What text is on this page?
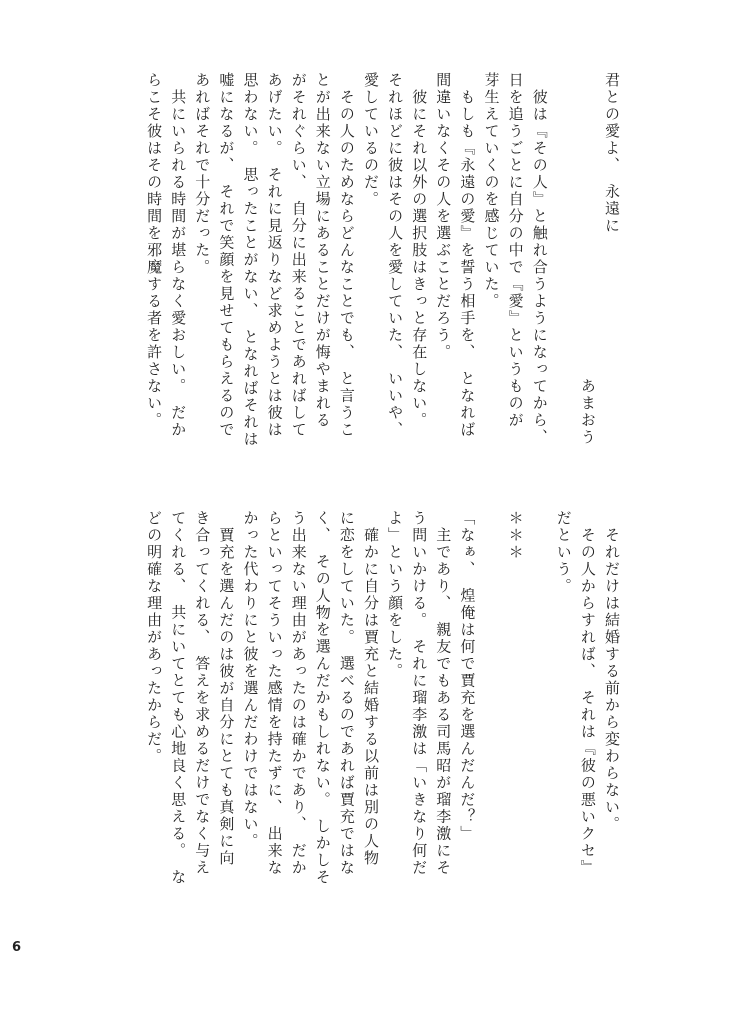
君との愛よ、　永遠に
あまおう
6
彼は『その人』と触れ合うようになってから、
日を追うごとに自分の中で『愛』というものが
芽生えていくのを感じていた。
もしも『永遠の愛』を誓う相手を、　となれば
間違いなくその人を選ぶことだろう。
彼にそれ以外の選択肢はきっと存在しない。
それほどに彼はその人を愛していた、　いいや、
愛しているのだ。
その人のためならどんなことでも、　と言うこ
とが出来ない立場にあることだけが悔やまれる
がそれぐらい、　自分に出来ることであればして
あげたい。　それに見返りなど求めようとは彼は
思わない。　思ったことがない、　となればそれは
嘘になるが、　それで笑顔を見せてもらえるので
あればそれで十分だった。
共にいられる時間が堪らなく愛おしい。　だか
らこそ彼はその時間を邪魔する者を許さない。
それだけは結婚する前から変わらない。
その人からすれば、　それは『彼の悪いクセ』
だという。
＊＊＊
「なぁ、　煌俺は何で賈充を選んだんだ？」
主であり、　親友でもある司馬昭が瑠李激にそ
う問いかける。　それに瑠李激は「いきなり何だ
よ」という顔をした。
確かに自分は賈充と結婚する以前は別の人物
に恋をしていた。　選べるのであれば賈充ではな
く、　その人物を選んだかもしれない。　しかしそ
う出来ない理由があったのは確かであり、　だか
らといってそういった感情を持たずに、　出来な
かった代わりにと彼を選んだわけではない。
賈充を選んだのは彼が自分にとても真剣に向
き合ってくれる、　答えを求めるだけでなく与え
てくれる、　共にいてとても心地良く思える。　な
どの明確な理由があったからだ。
